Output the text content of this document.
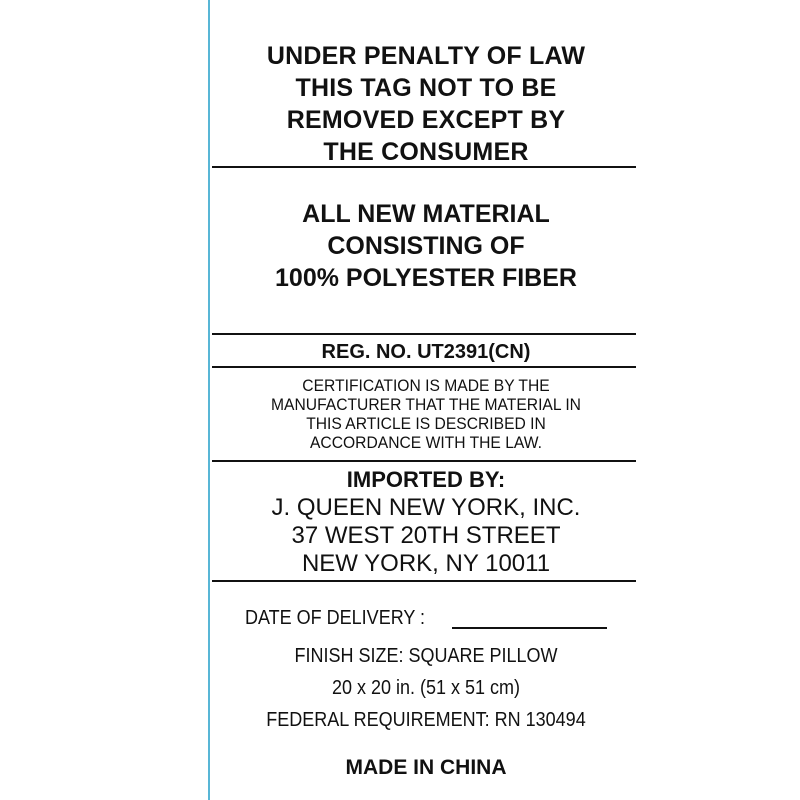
UNDER PENALTY OF LAW
THIS TAG NOT TO BE
REMOVED EXCEPT BY
THE CONSUMER
ALL NEW MATERIAL
CONSISTING OF
100% POLYESTER FIBER
REG. NO. UT2391(CN)
CERTIFICATION IS MADE BY THE
MANUFACTURER THAT THE MATERIAL IN
THIS ARTICLE IS DESCRIBED IN
ACCORDANCE WITH THE LAW.
IMPORTED BY:
J. QUEEN NEW YORK, INC.
37 WEST 20TH STREET
NEW YORK, NY 10011
DATE OF DELIVERY :
FINISH SIZE: SQUARE PILLOW
20 x 20 in. (51 x 51 cm)
FEDERAL REQUIREMENT: RN 130494
MADE IN CHINA
